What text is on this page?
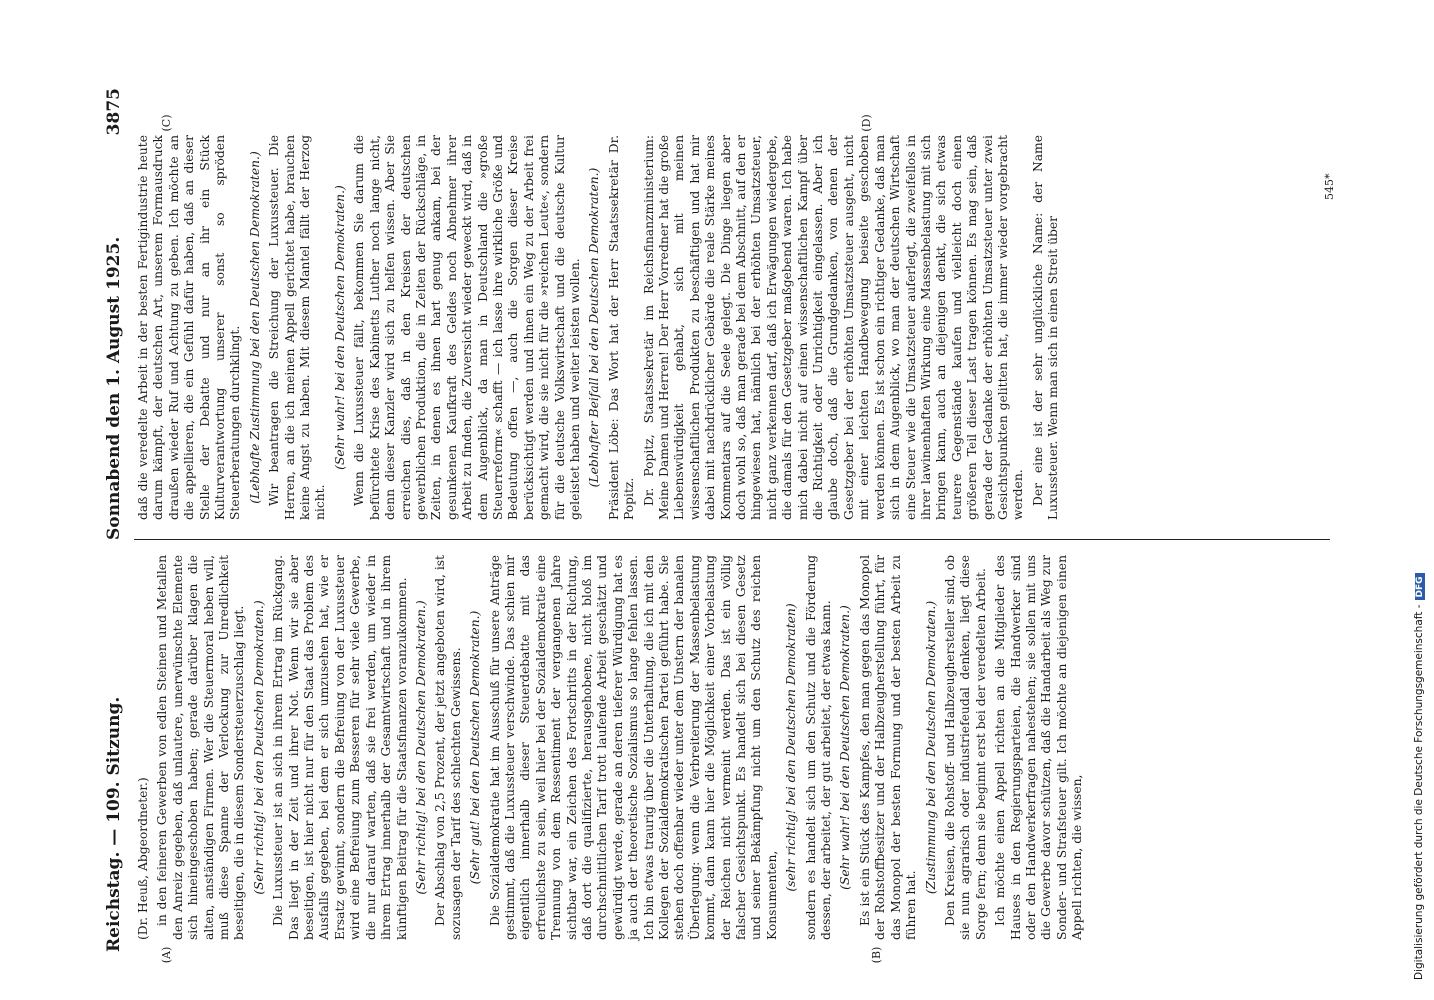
Reichstag. — 109. Sitzung.
Sonnabend den 1. August 1925.
3875
(A)	(B)
(C)	(D)

(Dr. Heuß, Abgeordneter.) in den feineren Gewerben von edlen Steinen und Metallen den Anreiz gegeben, daß unlautere, unerwünschte Elemente sich hineingeschoben haben; gerade darüber klagen die alten, anständigen Firmen. Wer die Steuermoral heben will, muß diese Spanne der Verlockung zur Unredlichkeit beseitigen, die in diesem Sondersteuerzuschlag liegt. (Sehr richtig! bei den Deutschen Demokraten.) Die Luxussteuer ist an sich in ihrem Ertrag im Rückgang. Das liegt in der Zeit und ihrer Not. Wenn wir sie aber beseitigen, ist hier nicht nur für den Staat das Problem des Ausfalls gegeben, bei dem er sich umzusehen hat, wie er Ersatz gewinnt, sondern die Befreiung von der Luxussteuer wird eine Befreiung zum Besseren für sehr viele Gewerbe, die nur darauf warten, daß sie frei werden, um wieder in ihrem Ertrag innerhalb der Gesamtwirtschaft und in ihrem künftigen Beitrag für die Staatsfinanzen voranzukommen. (Sehr richtig! bei den Deutschen Demokraten.) Der Abschlag von 2,5 Prozent, der jetzt angeboten wird, ist sozusagen der Tarif des schlechten Gewissens. (Sehr gut! bei den Deutschen Demokraten.) Die Sozialdemokratie hat im Ausschuß für unsere Anträge gestimmt, daß die Luxussteuer verschwinde. Das schien mir eigentlich innerhalb dieser Steuerdebatte mit das erfreulichste zu sein, weil hier bei der Sozialdemokratie eine Trennung von dem Ressentiment der vergangenen Jahre sichtbar war, ein Zeichen des Fortschritts in der Richtung, daß dort die qualifizierte, herausgehobene, nicht bloß im durchschnittlichen Tarif trott laufende Arbeit geschätzt und gewürdigt werde, gerade an deren tieferer Würdigung hat es ja auch der theoretische Sozialismus so lange fehlen lassen. Ich bin etwas traurig über die Unterhaltung, die ich mit den Kollegen der Sozialdemokratischen Partei geführt habe. Sie stehen doch offenbar wieder unter dem Unstern der banalen Überlegung: wenn die Verbreiterung der Massenbelastung kommt, dann kann hier die Möglichkeit einer Vorbelastung der Reichen nicht vermeint werden. Das ist ein völlig falscher Gesichtspunkt. Es handelt sich bei diesen Gesetz und seiner Bekämpfung nicht um den Schutz des reichen Konsumenten,

(sehr richtig! bei den Deutschen Demokraten) sondern es handelt sich um den Schutz und die Förderung dessen, der arbeitet, der gut arbeitet, der etwas kann. (Sehr wahr! bei den Deutschen Demokraten.) Es ist ein Stück des Kampfes, den man gegen das Monopol der Rohstoffbesitzer und der Halbzeugherstellung führt, für das Monopol der besten Formung und der besten Arbeit zu führen hat.

(Zustimmung bei den Deutschen Demokraten.) Den Kreisen, die Rohstoff- und Halbzeughersteller sind, ob sie nun agrarisch oder industriefeudal denken, liegt diese Sorge fern; denn sie beginnt erst bei der veredelten Arbeit. Ich möchte einen Appell richten an die Mitglieder des Hauses in den Regierungsparteien, die Handwerker sind oder den Handwerkerfragen nahestehen; sie sollen mit uns die Gewerbe davor schützen, daß die Handarbeit als Weg zur Sonder- und Strafsteuer gilt. Ich möchte an diejenigen einen Appell richten, die wissen,

daß die veredelte Arbeit in der besten Fertigindustrie heute darum kämpft, der deutschen Art, unserem Formausdruck draußen wieder Ruf und Achtung zu geben. Ich möchte an die appellieren, die ein Gefühl dafür haben, daß an dieser Stelle der Debatte und nur an ihr ein Stück Kulturverantwortung unserer sonst so spröden Steuerberatungen durchklingt. (Lebhafte Zustimmung bei den Deutschen Demokraten.) Wir beantragen die Streichung der Luxussteuer. Die Herren, an die ich meinen Appell gerichtet habe, brauchen keine Angst zu haben. Mit diesem Mantel fällt der Herzog nicht.

(Sehr wahr! bei den Deutschen Demokraten.) Wenn die Luxussteuer fällt, bekommen Sie darum die befürchtete Krise des Kabinetts Luther noch lange nicht, denn dieser Kanzler wird sich zu helfen wissen. Aber Sie erreichen dies, daß in den Kreisen der deutschen gewerblichen Produktion, die in Zeiten der Rückschläge, in Zeiten, in denen es ihnen hart genug ankam, bei der gesunkenen Kaufkraft des Geldes noch Abnehmer ihrer Arbeit zu finden, die Zuversicht wieder geweckt wird, daß in dem Augenblick, da man in Deutschland die »große Steuerreform« schafft — ich lasse ihre wirkliche Größe und Bedeutung offen —, auch die Sorgen dieser Kreise berücksichtigt werden und ihnen ein Weg zu der Arbeit frei gemacht wird, die sie nicht für die »reichen Leute«, sondern für die deutsche Volkswirtschaft und die deutsche Kultur geleistet haben und weiter leisten wollen. (Lebhafter Beifall bei den Deutschen Demokraten.) Präsident Löbe: Das Wort hat der Herr Staatssekretär Dr. Popitz. Dr. Popitz, Staatssekretär im Reichsfinanzministerium: Meine Damen und Herren! Der Herr Vorredner hat die große Liebenswürdigkeit gehabt, sich mit meinen wissenschaftlichen Produkten zu beschäftigen und hat mir dabei mit nachdrücklicher Gebärde die reale Stärke meines Kommentars auf die Seele gelegt. Die Dinge liegen aber doch wohl so, daß man gerade bei dem Abschnitt, auf den er hingewiesen hat, nämlich bei der erhöhten Umsatzsteuer, nicht ganz verkennen darf, daß ich Erwägungen wiedergebe, die damals für den Gesetzgeber maßgebend waren. Ich habe mich dabei nicht auf einen wissenschaftlichen Kampf über die Richtigkeit oder Unrichtigkeit eingelassen. Aber ich glaube doch, daß die Grundgedanken, von denen der Gesetzgeber bei der erhöhten Umsatzsteuer ausgeht, nicht mit einer leichten Handbewegung beiseite geschoben werden können. Es ist schon ein richtiger Gedanke, daß man sich in dem Augenblick, wo man der deutschen Wirtschaft eine Steuer wie die Umsatzsteuer auferlegt, die zweifellos in ihrer lawinenhaften Wirkung eine Massenbelastung mit sich bringen kann, auch an diejenigen denkt, die sich etwas teurere Gegenstände kaufen und vielleicht doch einen größeren Teil dieser Last tragen können. Es mag sein, daß gerade der Gedanke der erhöhten Umsatzsteuer unter zwei Gesichtspunkten gelitten hat, die immer wieder vorgebracht werden. Der eine ist der sehr unglückliche Name: der Name Luxussteuer. Wenn man sich in einen Streit über

545*
Digitalisierung gefördert durch die Deutsche Forschungsgemeinschaft -DFG
